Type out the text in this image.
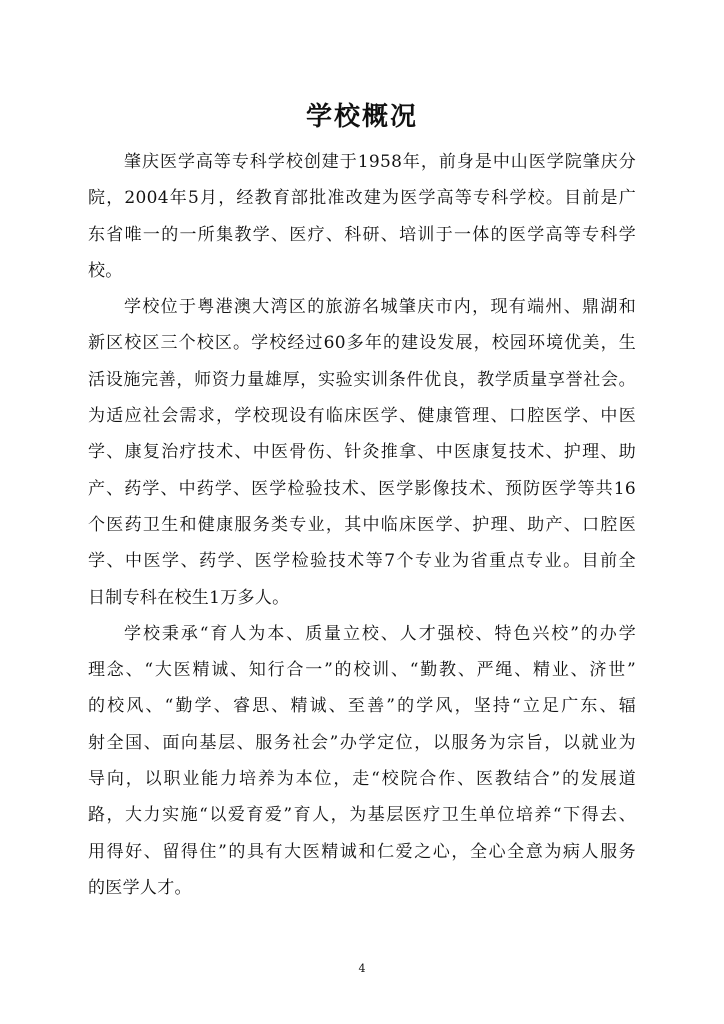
学校概况
肇庆医学高等专科学校创建于1958年，前身是中山医学院肇庆分
院，2004年5月，经教育部批准改建为医学高等专科学校。目前是广
东省唯一的一所集教学、医疗、科研、培训于一体的医学高等专科学
校。
学校位于粤港澳大湾区的旅游名城肇庆市内，现有端州、鼎湖和
新区校区三个校区。学校经过60多年的建设发展，校园环境优美，生
活设施完善，师资力量雄厚，实验实训条件优良，教学质量享誉社会。
为适应社会需求，学校现设有临床医学、健康管理、口腔医学、中医
学、康复治疗技术、中医骨伤、针灸推拿、中医康复技术、护理、助
产、药学、中药学、医学检验技术、医学影像技术、预防医学等共16
个医药卫生和健康服务类专业，其中临床医学、护理、助产、口腔医
学、中医学、药学、医学检验技术等7个专业为省重点专业。目前全
日制专科在校生1万多人。
学校秉承“育人为本、质量立校、人才强校、特色兴校”的办学
理念、“大医精诚、知行合一”的校训、“勤教、严绳、精业、济世”
的校风、“勤学、睿思、精诚、至善”的学风，坚持“立足广东、辐
射全国、面向基层、服务社会”办学定位，以服务为宗旨，以就业为
导向，以职业能力培养为本位，走“校院合作、医教结合”的发展道
路，大力实施“以爱育爱”育人，为基层医疗卫生单位培养“下得去、
用得好、留得住”的具有大医精诚和仁爱之心，全心全意为病人服务
的医学人才。
4
